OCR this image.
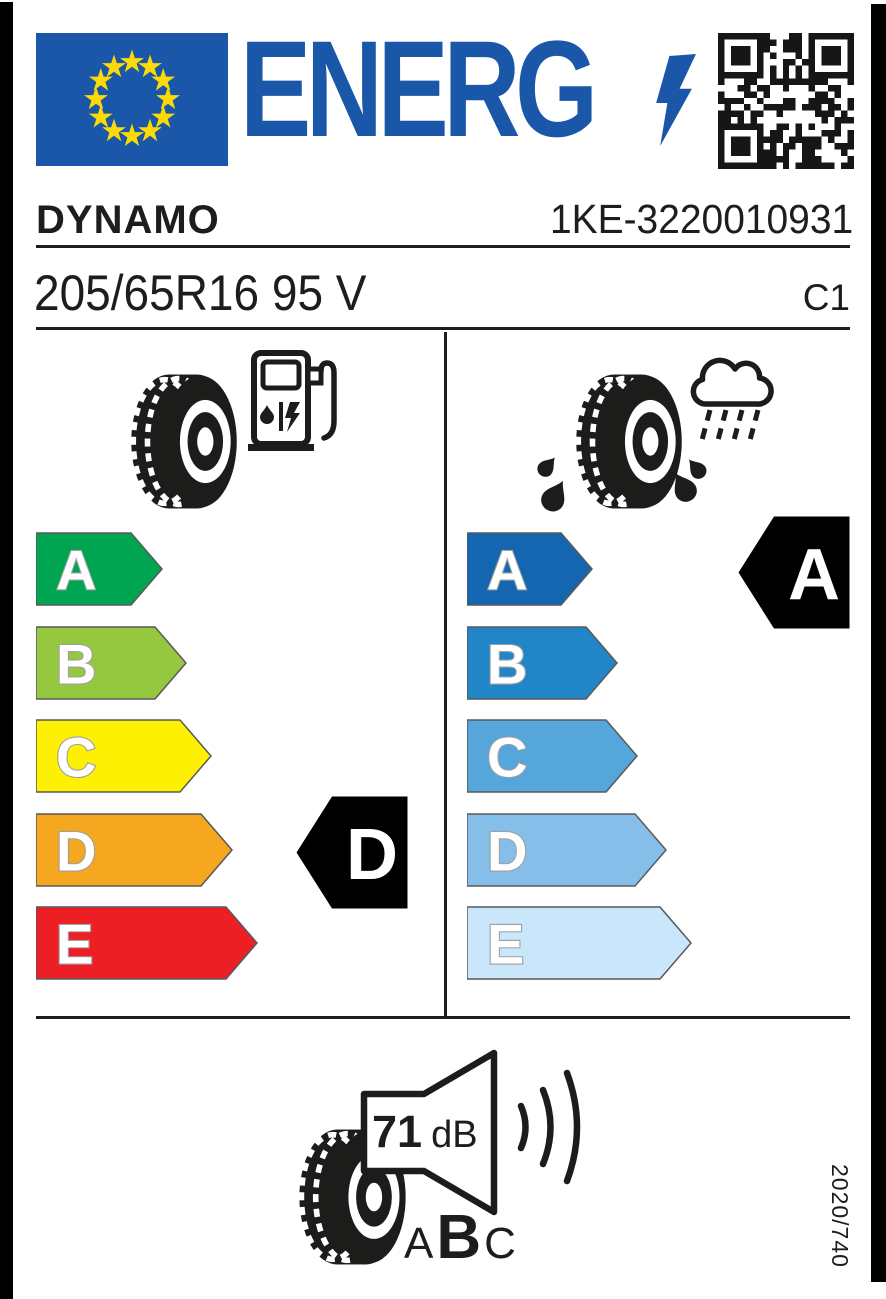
ENERG
DYNAMO	1KE-3220010931
205/65R16 95 V	C1
A
B
C
D
E
A
B
C
D
E
D
A
71 dB
A B C	2020/740
